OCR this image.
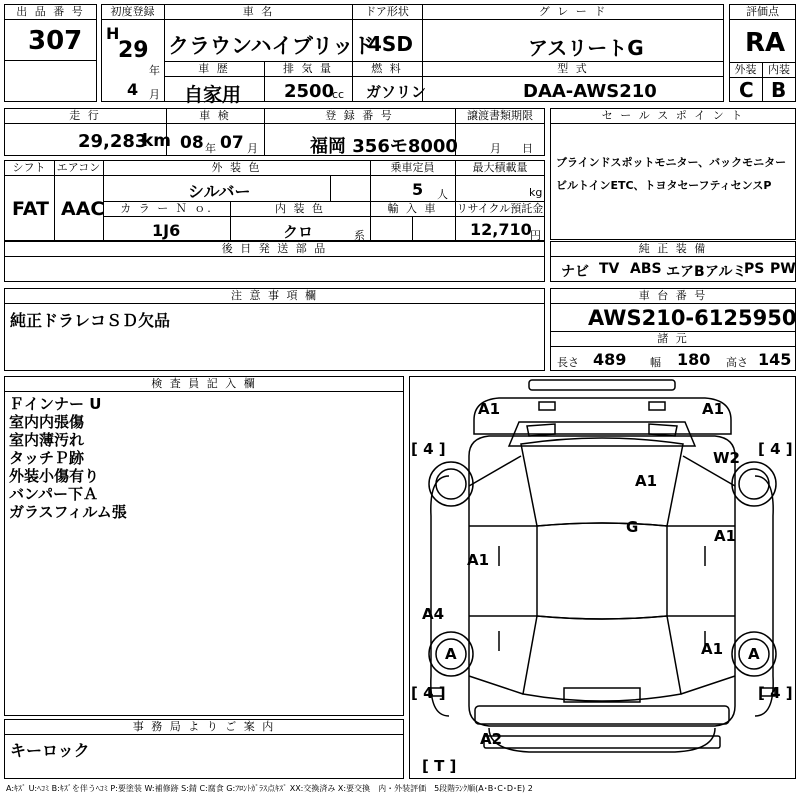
出 品 番 号
307
初度登録
H
29
年
4 月
車 名
クラウンハイブリッド
ドア形状
4SD
グ レ ー ド
アスリートG
車 歴
自家用
排 気 量
2500
cc
燃 料
ガソリン
型 式
DAA-AWS210
評価点
RA
外装	内装
C B
走 行
29,283
km
車 検
08 年 07 月
登 録 番 号
福岡 356モ8000
譲渡書類期限
月 日
セ ー ル ス ポ イ ン ト
ブラインドスポットモニター、バックモニター
ビルトインETC、トヨタセーフティセンスP
シフト
FAT
エアコン
AAC
外 装 色
シルバー
乗車定員
5 人
最大積載量
kg
カ ラ ー Ｎ ｏ.
1J6
内 装 色
クロ	系
輸 入 車	リサイクル預託金
12,710
円
後 日 発 送 部 品	純 正 装 備
ナビ TV ABS エアB アルミ
PS PW
注 意 事 項 欄
純正ドラレコＳＤ欠品
車 台 番 号
AWS210-6125950
諸 元
長さ 489 幅 180 高さ 145
検 査 員 記 入 欄
Ｆインナー U
室内内張傷
室内薄汚れ
タッチＰ跡
外装小傷有り
バンパー下Ａ
ガラスフィルム張
事 務 局 よ り ご 案 内
キーロック
A1	A1
W2
A1
G	A1
A1
A4
A1
A2
A	A
[ 4 ]	[ 4 ]
[ 4 ]	[ 4 ]
[ T ]
A:ｷｽﾞ U:ﾍｺﾐ B:ｷｽﾞを伴うﾍｺﾐ P:要塗装 W:補修跡 S:錆 C:腐食 G:ﾌﾛﾝﾄｶﾞﾗｽ点ｷｽﾞ XX:交換済み X:要交換　内・外装評価　5段階ﾗﾝｸ順(A･B･C･D･E) 2
